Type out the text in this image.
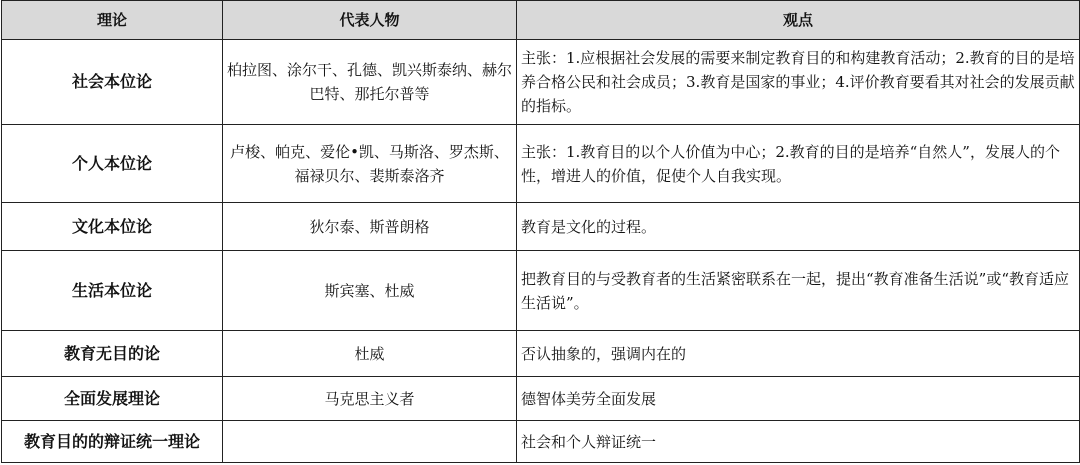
理论	代表人物	观点
社会本位论	柏拉图、涂尔干、孔德、凯兴斯泰纳、赫尔巴特、那托尔普等	主张：1.应根据社会发展的需要来制定教育目的和构建教育活动；2.教育的目的是培养合格公民和社会成员；3.教育是国家的事业；4.评价教育要看其对社会的发展贡献的指标。
个人本位论	卢梭、帕克、爱伦•凯、马斯洛、罗杰斯、福禄贝尔、裴斯泰洛齐	主张：1.教育目的以个人价值为中心；2.教育的目的是培养“自然人”，发展人的个性，增进人的价值，促使个人自我实现。
文化本位论	狄尔泰、斯普朗格	教育是文化的过程。
生活本位论	斯宾塞、杜威	把教育目的与受教育者的生活紧密联系在一起，提出“教育准备生活说”或“教育适应生活说”。
教育无目的论	杜威	否认抽象的，强调内在的
全面发展理论	马克思主义者	德智体美劳全面发展
教育目的的辩证统一理论		社会和个人辩证统一
